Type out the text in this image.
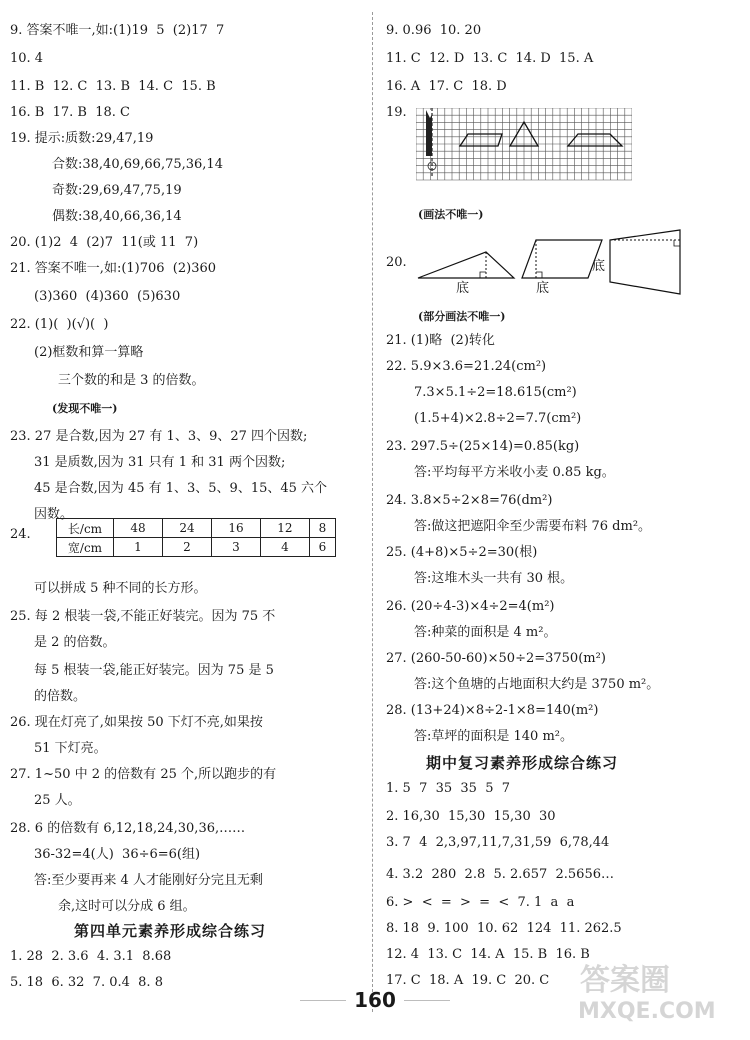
9. 答案不唯一,如:(1)19  5  (2)17  7
10. 4
11. B  12. C  13. B  14. C  15. B
16. B  17. B  18. C
19. 提示:质数:29,47,19
合数:38,40,69,66,75,36,14
奇数:29,69,47,75,19
偶数:38,40,66,36,14
20. (1)2  4  (2)7  11(或 11  7)
21. 答案不唯一,如:(1)706  (2)360
(3)360  (4)360  (5)630
22. (1)(  )(√)(  )
(2)框数和算一算略
三个数的和是 3 的倍数。
(发现不唯一)
23. 27 是合数,因为 27 有 1、3、9、27 四个因数;
31 是质数,因为 31 只有 1 和 31 两个因数;
45 是合数,因为 45 有 1、3、5、9、15、45 六个
因数。
24.	长/cm	48	24	16	12	8
宽/cm	1	2	3	4	6
可以拼成 5 种不同的长方形。
25. 每 2 根装一袋,不能正好装完。因为 75 不
是 2 的倍数。
每 5 根装一袋,能正好装完。因为 75 是 5
的倍数。
26. 现在灯亮了,如果按 50 下灯不亮,如果按
51 下灯亮。
27. 1~50 中 2 的倍数有 25 个,所以跑步的有
25 人。
28. 6 的倍数有 6,12,18,24,30,36,……
36-32=4(人)  36÷6=6(组)
答:至少要再来 4 人才能刚好分完且无剩
余,这时可以分成 6 组。
第四单元素养形成综合练习
1. 28  2. 3.6  4. 3.1  8.68
5. 18  6. 32  7. 0.4  8. 8
9. 0.96  10. 20
11. C  12. D  13. C  14. D  15. A
16. A  17. C  18. D
19.
(画法不唯一)
20.
底	底
底
(部分画法不唯一)
21. (1)略  (2)转化
22. 5.9×3.6=21.24(cm²)
7.3×5.1÷2=18.615(cm²)
(1.5+4)×2.8÷2=7.7(cm²)
23. 297.5÷(25×14)=0.85(kg)
答:平均每平方米收小麦 0.85 kg。
24. 3.8×5÷2×8=76(dm²)
答:做这把遮阳伞至少需要布料 76 dm²。
25. (4+8)×5÷2=30(根)
答:这堆木头一共有 30 根。
26. (20÷4-3)×4÷2=4(m²)
答:种菜的面积是 4 m²。
27. (260-50-60)×50÷2=3750(m²)
答:这个鱼塘的占地面积大约是 3750 m²。
28. (13+24)×8÷2-1×8=140(m²)
答:草坪的面积是 140 m²。
期中复习素养形成综合练习
1. 5  7  35  35  5  7
2. 16,30  15,30  15,30  30
3. 7  4  2,3,97,11,7,31,59  6,78,44
4. 3.2  280  2.8  5. 2.657  2.5656…
6. >  <  =  >  =  <  7. 1  a  a
8. 18  9. 100  10. 62  124  11. 262.5
12. 4  13. C  14. A  15. B  16. B
17. C  18. A  19. C  20. C
160
答案圈
MXQE.COM
